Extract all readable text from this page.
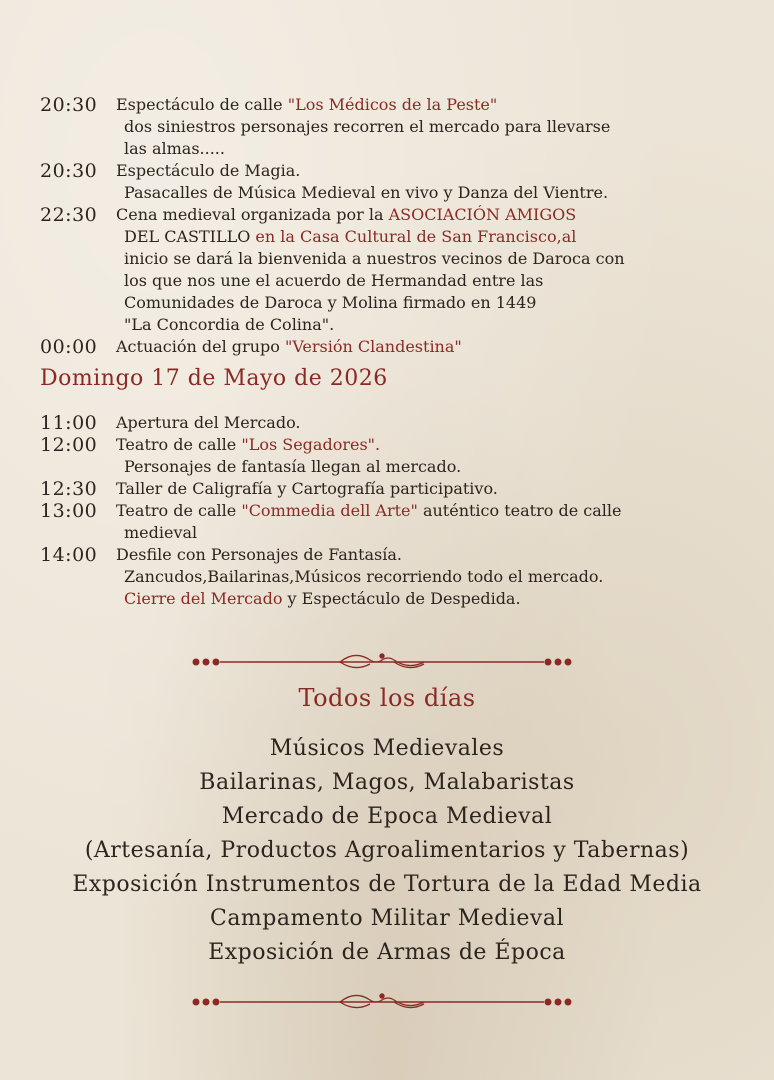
20:30	Espectáculo de calle "Los Médicos de la Peste"
dos siniestros personajes recorren el mercado para llevarse
las almas.....
20:30	Espectáculo de Magia.
Pasacalles de Música Medieval en vivo y Danza del Vientre.
22:30	Cena medieval organizada por la ASOCIACIÓN AMIGOS
DEL CASTILLO en la Casa Cultural de San Francisco,al
inicio se dará la bienvenida a nuestros vecinos de Daroca con
los que nos une el acuerdo de Hermandad entre las
Comunidades de Daroca y Molina firmado en 1449
"La Concordia de Colina".
00:00	Actuación del grupo "Versión Clandestina"
Domingo 17 de Mayo de 2026
11:00	Apertura del Mercado.
12:00	Teatro de calle "Los Segadores".
Personajes de fantasía llegan al mercado.
12:30	Taller de Caligrafía y Cartografía participativo.
13:00	Teatro de calle "Commedia dell Arte" auténtico teatro de calle
medieval
14:00	Desfile con Personajes de Fantasía.
Zancudos,Bailarinas,Músicos recorriendo todo el mercado.
Cierre del Mercado y Espectáculo de Despedida.
Todos los días
Músicos Medievales
Bailarinas, Magos, Malabaristas
Mercado de Epoca Medieval
(Artesanía, Productos Agroalimentarios y Tabernas)
Exposición Instrumentos de Tortura de la Edad Media
Campamento Militar Medieval
Exposición de Armas de Época
